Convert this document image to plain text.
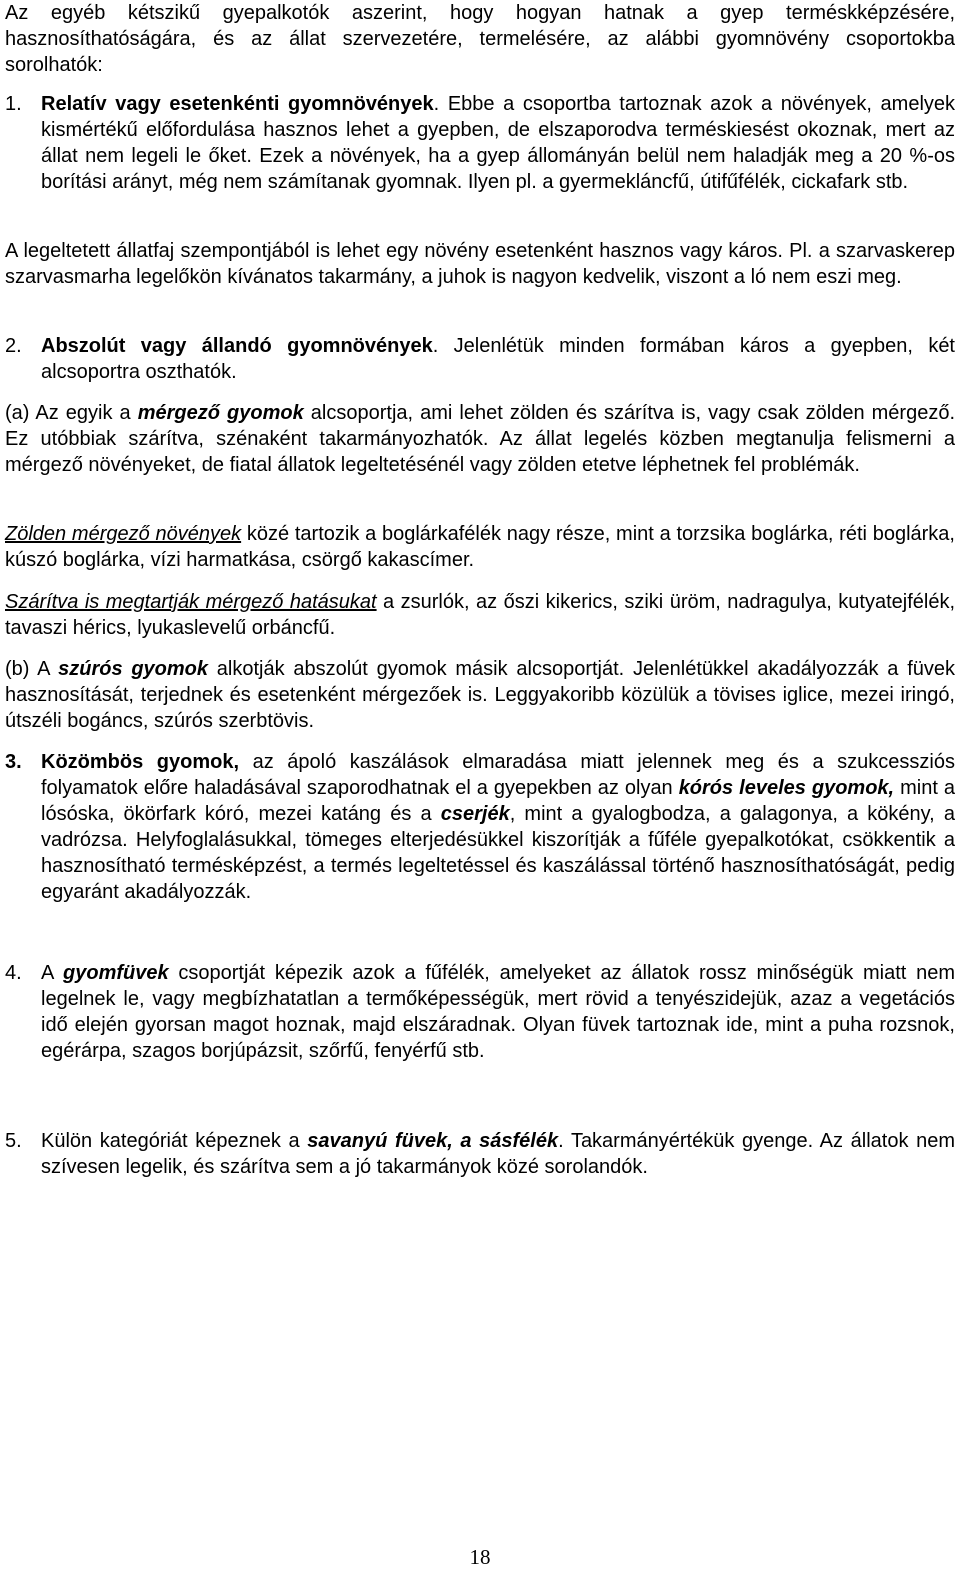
Az egyéb kétszikű gyepalkotók aszerint, hogy hogyan hatnak a gyep terméskképzésére, hasznosíthatóságára, és az állat szervezetére, termelésére, az alábbi gyomnövény csoportokba sorolhatók:

1. Relatív vagy esetenkénti gyomnövények. Ebbe a csoportba tartoznak azok a növények, amelyek kismértékű előfordulása hasznos lehet a gyepben, de elszaporodva terméskiesést okoznak, mert az állat nem legeli le őket. Ezek a növények, ha a gyep állományán belül nem haladják meg a 20 %-os borítási arányt, még nem számítanak gyomnak. Ilyen pl. a gyermekláncfű, útifűfélék, cickafark stb.

A legeltetett állatfaj szempontjából is lehet egy növény esetenként hasznos vagy káros. Pl. a szarvaskerep szarvasmarha legelőkön kívánatos takarmány, a juhok is nagyon kedvelik, viszont a ló nem eszi meg.

2. Abszolút vagy állandó gyomnövények. Jelenlétük minden formában káros a gyepben, két alcsoportra oszthatók.

(a) Az egyik a mérgező gyomok alcsoportja, ami lehet zölden és szárítva is, vagy csak zölden mérgező. Ez utóbbiak szárítva, szénaként takarmányozhatók. Az állat legelés közben megtanulja felismerni a mérgező növényeket, de fiatal állatok legeltetésénél vagy zölden etetve léphetnek fel problémák.

Zölden mérgező növények közé tartozik a boglárkafélék nagy része, mint a torzsika boglárka, réti boglárka, kúszó boglárka, vízi harmatkása, csörgő kakascímer.

Szárítva is megtartják mérgező hatásukat a zsurlók, az őszi kikerics, sziki üröm, nadragulya, kutyatejfélék, tavaszi hérics, lyukaslevelű orbáncfű.

(b) A szúrós gyomok alkotják abszolút gyomok másik alcsoportját. Jelenlétükkel akadályozzák a füvek hasznosítását, terjednek és esetenként mérgezőek is. Leggyakoribb közülük a tövises iglice, mezei iringó, útszéli bogáncs, szúrós szerbtövis.

3. Közömbös gyomok, az ápoló kaszálások elmaradása miatt jelennek meg és a szukcessziós folyamatok előre haladásával szaporodhatnak el a gyepekben az olyan kórós leveles gyomok, mint a lósóska, ökörfark kóró, mezei katáng és a cserjék, mint a gyalogbodza, a galagonya, a kökény, a vadrózsa. Helyfoglalásukkal, tömeges elterjedésükkel kiszorítják a fűféle gyepalkotókat, csökkentik a hasznosítható termésképzést, a termés legeltetéssel és kaszálással történő hasznosíthatóságát, pedig egyaránt akadályozzák.
4. A gyomfüvek csoportját képezik azok a fűfélék, amelyeket az állatok rossz minőségük miatt nem legelnek le, vagy megbízhatatlan a termőképességük, mert rövid a tenyészidejük, azaz a vegetációs idő elején gyorsan magot hoznak, majd elszáradnak. Olyan füvek tartoznak ide, mint a puha rozsnok, egérárpa, szagos borjúpázsit, szőrfű, fenyérfű stb.
5. Külön kategóriát képeznek a savanyú füvek, a sásfélék. Takarmányértékük gyenge. Az állatok nem szívesen legelik, és szárítva sem a jó takarmányok közé sorolandók.
18
